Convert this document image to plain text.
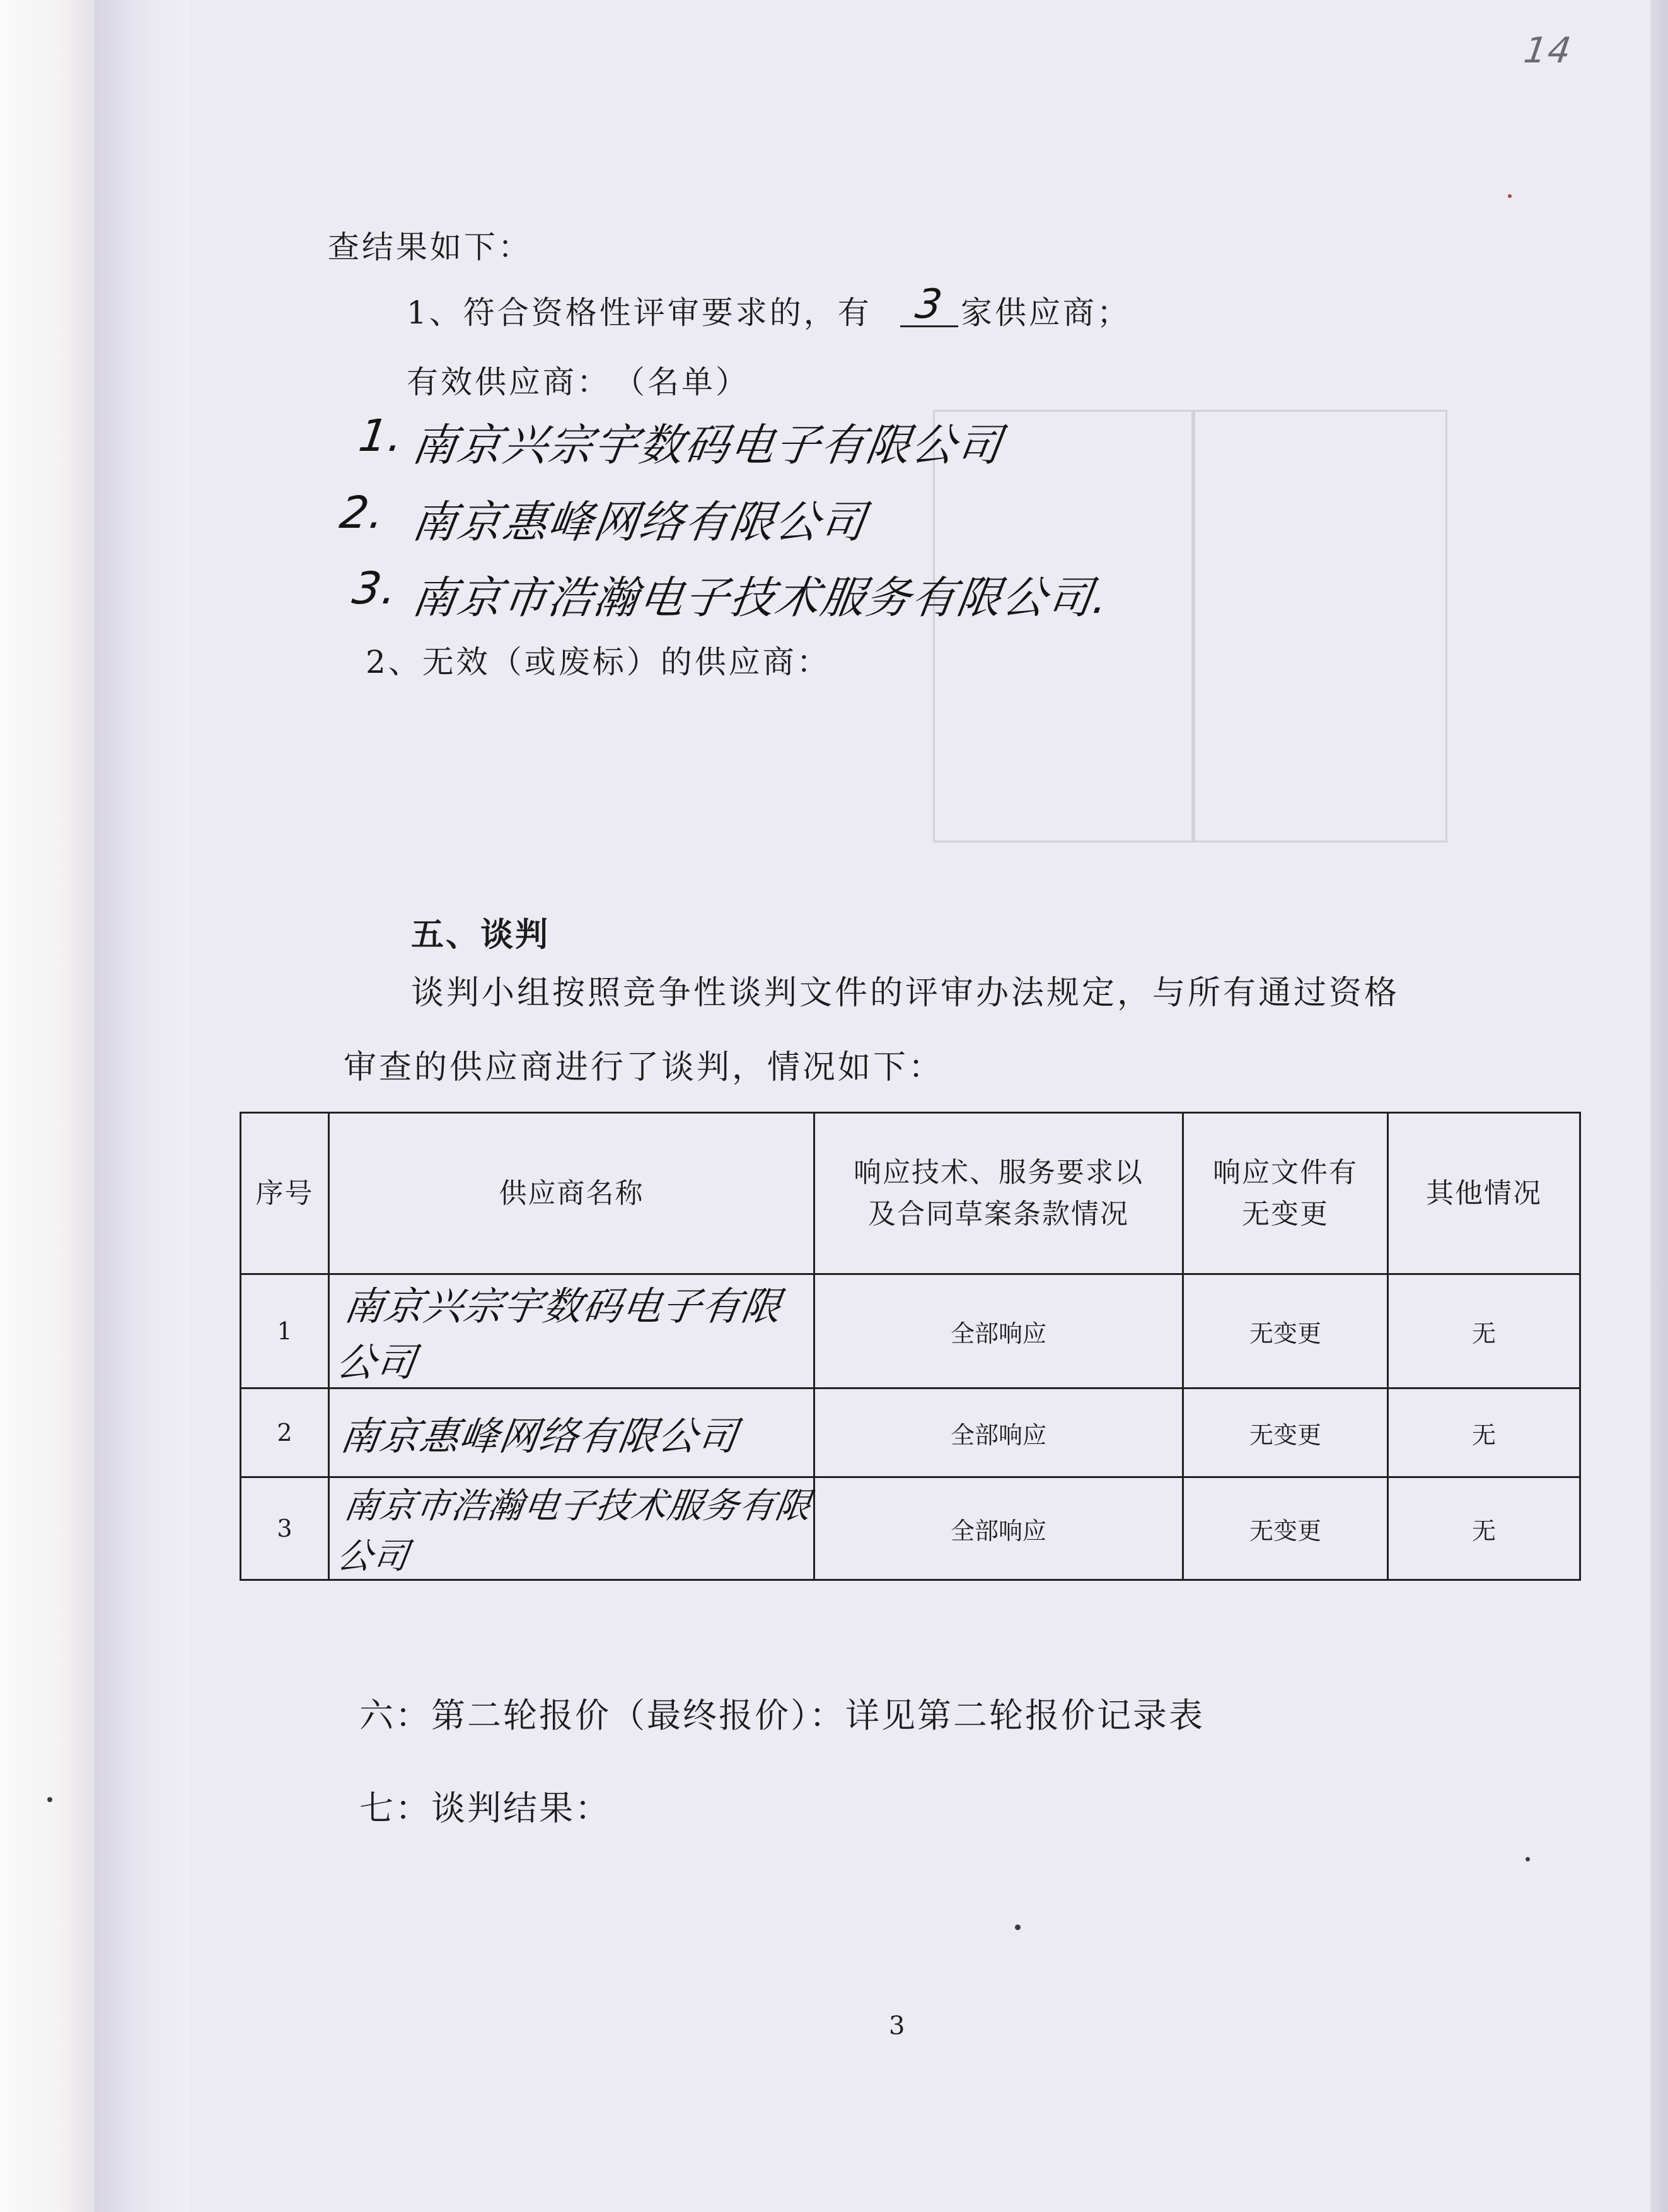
14
查结果如下：
1、符合资格性评审要求的，有	3 家供应商；
有效供应商：　（名单）
1. 南京兴宗宇数码电子有限公司
2. 南京惠峰网络有限公司
3. 南京市浩瀚电子技术服务有限公司.
2、无效（或废标）的供应商：
五、谈判
谈判小组按照竞争性谈判文件的评审办法规定，与所有通过资格
审查的供应商进行了谈判，情况如下：
序号	供应商名称	响应技术、服务要求以及合同草案条款情况	响应文件有无变更	其他情况
1	南京兴宗宇数码电子有限公司	全部响应	无变更	无
2	南京惠峰网络有限公司	全部响应	无变更	无
3	南京市浩瀚电子技术服务有限公司	全部响应	无变更	无
六：第二轮报价（最终报价）：详见第二轮报价记录表
七：谈判结果：
3
